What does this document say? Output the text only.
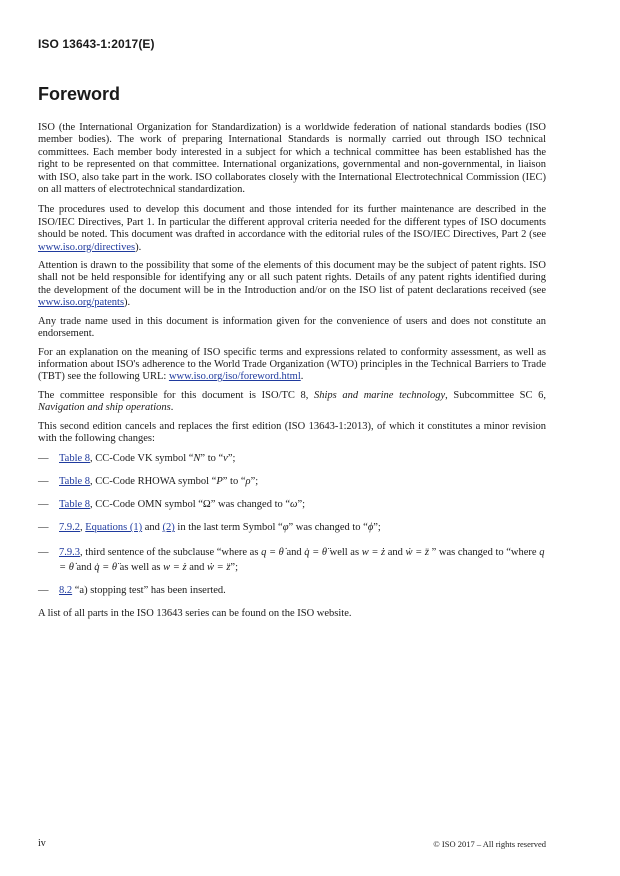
ISO 13643-1:2017(E)
Foreword

ISO (the International Organization for Standardization) is a worldwide federation of national standards bodies (ISO member bodies). The work of preparing International Standards is normally carried out through ISO technical committees. Each member body interested in a subject for which a technical committee has been established has the right to be represented on that committee. International organizations, governmental and non-governmental, in liaison with ISO, also take part in the work. ISO collaborates closely with the International Electrotechnical Commission (IEC) on all matters of electrotechnical standardization.

The procedures used to develop this document and those intended for its further maintenance are described in the ISO/IEC Directives, Part 1. In particular the different approval criteria needed for the different types of ISO documents should be noted. This document was drafted in accordance with the editorial rules of the ISO/IEC Directives, Part 2 (see www.iso.org/directives).

Attention is drawn to the possibility that some of the elements of this document may be the subject of patent rights. ISO shall not be held responsible for identifying any or all such patent rights. Details of any patent rights identified during the development of the document will be in the Introduction and/or on the ISO list of patent declarations received (see www.iso.org/patents).

Any trade name used in this document is information given for the convenience of users and does not constitute an endorsement.

For an explanation on the meaning of ISO specific terms and expressions related to conformity assessment, as well as information about ISO's adherence to the World Trade Organization (WTO) principles in the Technical Barriers to Trade (TBT) see the following URL: www.iso.org/iso/foreword.html.

The committee responsible for this document is ISO/TC 8, Ships and marine technology, Subcommittee SC 6, Navigation and ship operations.

This second edition cancels and replaces the first edition (ISO 13643-1:2013), of which it constitutes a minor revision with the following changes:

— Table 8, CC-Code VK symbol “N” to “v”;
— Table 8, CC-Code RHOWA symbol “P” to “ρ”;
— Table 8, CC-Code OMN symbol “Ω” was changed to “ω”;
— 7.9.2, Equations (1) and (2) in the last term Symbol “φ” was changed to “ϕ”;
— 7.9.3, third sentence of the subclause “where as q = θ̇ and q̇ = θ̈ well as w = ż and ẇ = z̈ ” was changed to “where q = θ̇ and q̇ = θ̈ as well as w = ż and ẇ = z̈”;
— 8.2 “a) stopping test” has been inserted.

A list of all parts in the ISO 13643 series can be found on the ISO website.

iv	© ISO 2017 – All rights reserved
